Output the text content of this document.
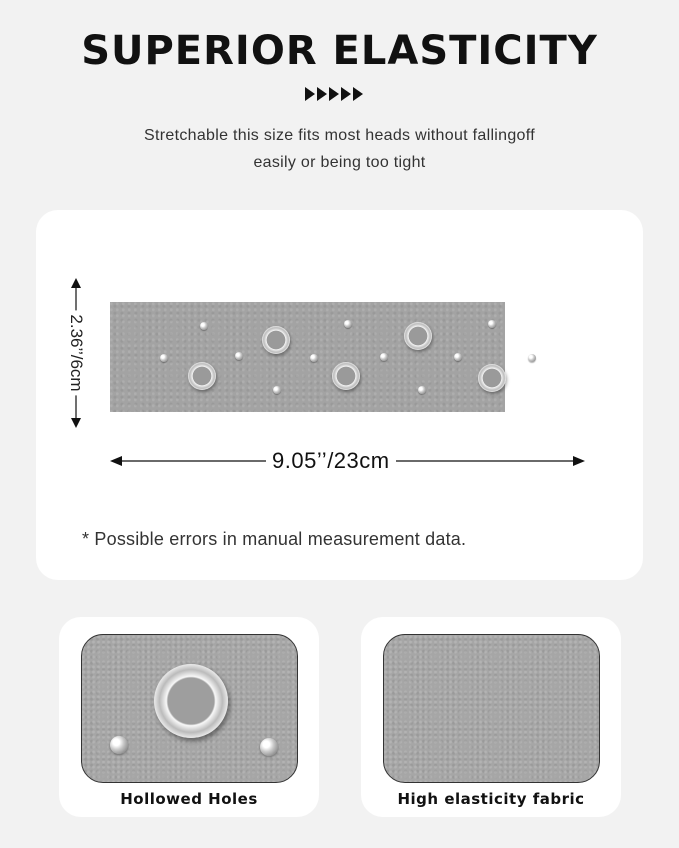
SUPERIOR ELASTICITY
Stretchable this size fits most heads without fallingoff
easily or being too tight
2.36’’/6cm
9.05’’/23cm
* Possible errors in manual measurement data.
Hollowed Holes	High elasticity fabric
